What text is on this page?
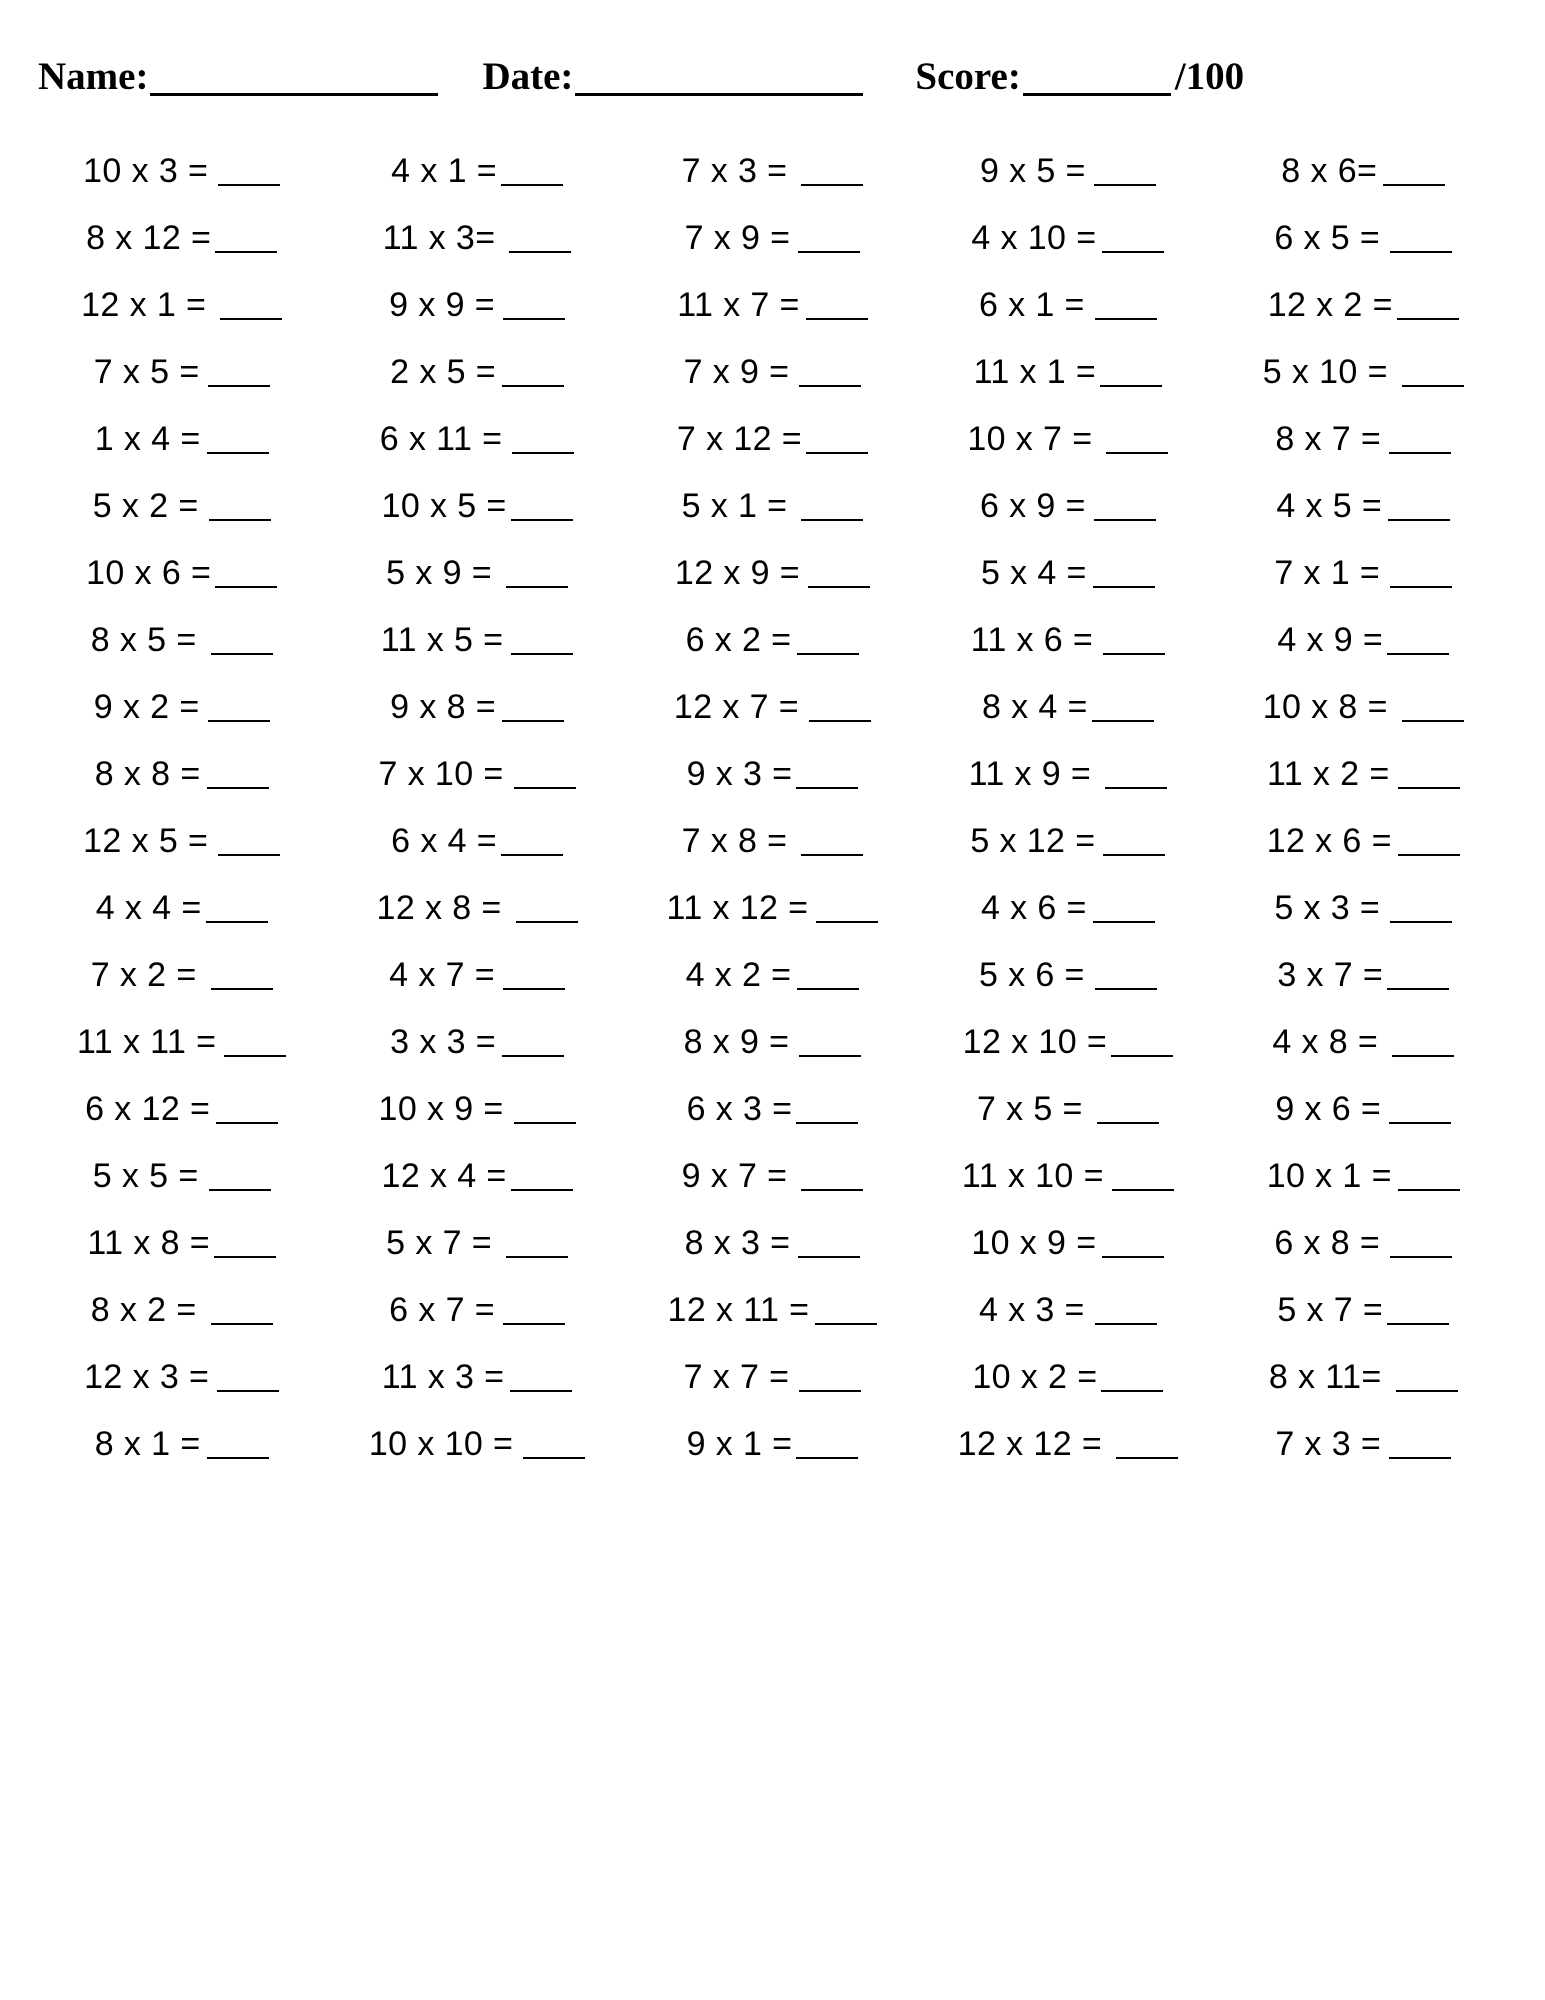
Name:	Date:	Score:	/100
10 x 3 =	4 x 1 =	7 x 3 =	9 x 5 =	8 x 6=
8 x 12 =	11 x 3=	7 x 9 =	4 x 10 =	6 x 5 =
12 x 1 =	9 x 9 =	11 x 7 =	6 x 1 =	12 x 2 =
7 x 5 =	2 x 5 =	7 x 9 =	11 x 1 =	5 x 10 =
1 x 4 =	6 x 11 =	7 x 12 =	10 x 7 =	8 x 7 =
5 x 2 =	10 x 5 =	5 x 1 =	6 x 9 =	4 x 5 =
10 x 6 =	5 x 9 =	12 x 9 =	5 x 4 =	7 x 1 =
8 x 5 =	11 x 5 =	6 x 2 =	11 x 6 =	4 x 9 =
9 x 2 =	9 x 8 =	12 x 7 =	8 x 4 =	10 x 8 =
8 x 8 =	7 x 10 =	9 x 3 =	11 x 9 =	11 x 2 =
12 x 5 =	6 x 4 =	7 x 8 =	5 x 12 =	12 x 6 =
4 x 4 =	12 x 8 =	11 x 12 =	4 x 6 =	5 x 3 =
7 x 2 =	4 x 7 =	4 x 2 =	5 x 6 =	3 x 7 =
11 x 11 =	3 x 3 =	8 x 9 =	12 x 10 =	4 x 8 =
6 x 12 =	10 x 9 =	6 x 3 =	7 x 5 =	9 x 6 =
5 x 5 =	12 x 4 =	9 x 7 =	11 x 10 =	10 x 1 =
11 x 8 =	5 x 7 =	8 x 3 =	10 x 9 =	6 x 8 =
8 x 2 =	6 x 7 =	12 x 11 =	4 x 3 =	5 x 7 =
12 x 3 =	11 x 3 =	7 x 7 =	10 x 2 =	8 x 11=
8 x 1 =	10 x 10 =	9 x 1 =	12 x 12 =	7 x 3 =
